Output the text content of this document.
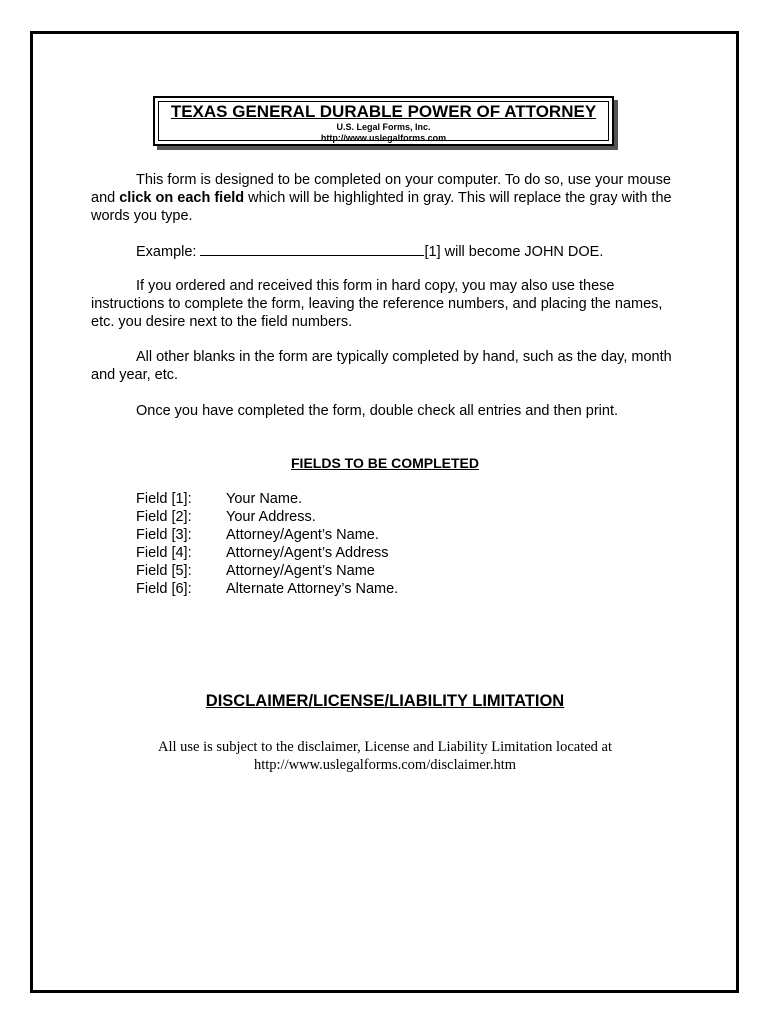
TEXAS GENERAL DURABLE POWER OF ATTORNEY
U.S. Legal Forms, Inc.
http://www.uslegalforms.com

This form is designed to be completed on your computer. To do so, use your mouse and click on each field which will be highlighted in gray. This will replace the gray with the words you type.

Example:	[1] will become JOHN DOE.

If you ordered and received this form in hard copy, you may also use these instructions to complete the form, leaving the reference numbers, and placing the names, etc. you desire next to the field numbers.

All other blanks in the form are typically completed by hand, such as the day, month and year, etc.

Once you have completed the form, double check all entries and then print.

FIELDS TO BE COMPLETED
Field [1]: Your Name.
Field [2]: Your Address.
Field [3]: Attorney/Agent’s Name.
Field [4]: Attorney/Agent’s Address
Field [5]: Attorney/Agent’s Name
Field [6]: Alternate Attorney’s Name.
DISCLAIMER/LICENSE/LIABILITY LIMITATION
All use is subject to the disclaimer, License and Liability Limitation located at
http://www.uslegalforms.com/disclaimer.htm
